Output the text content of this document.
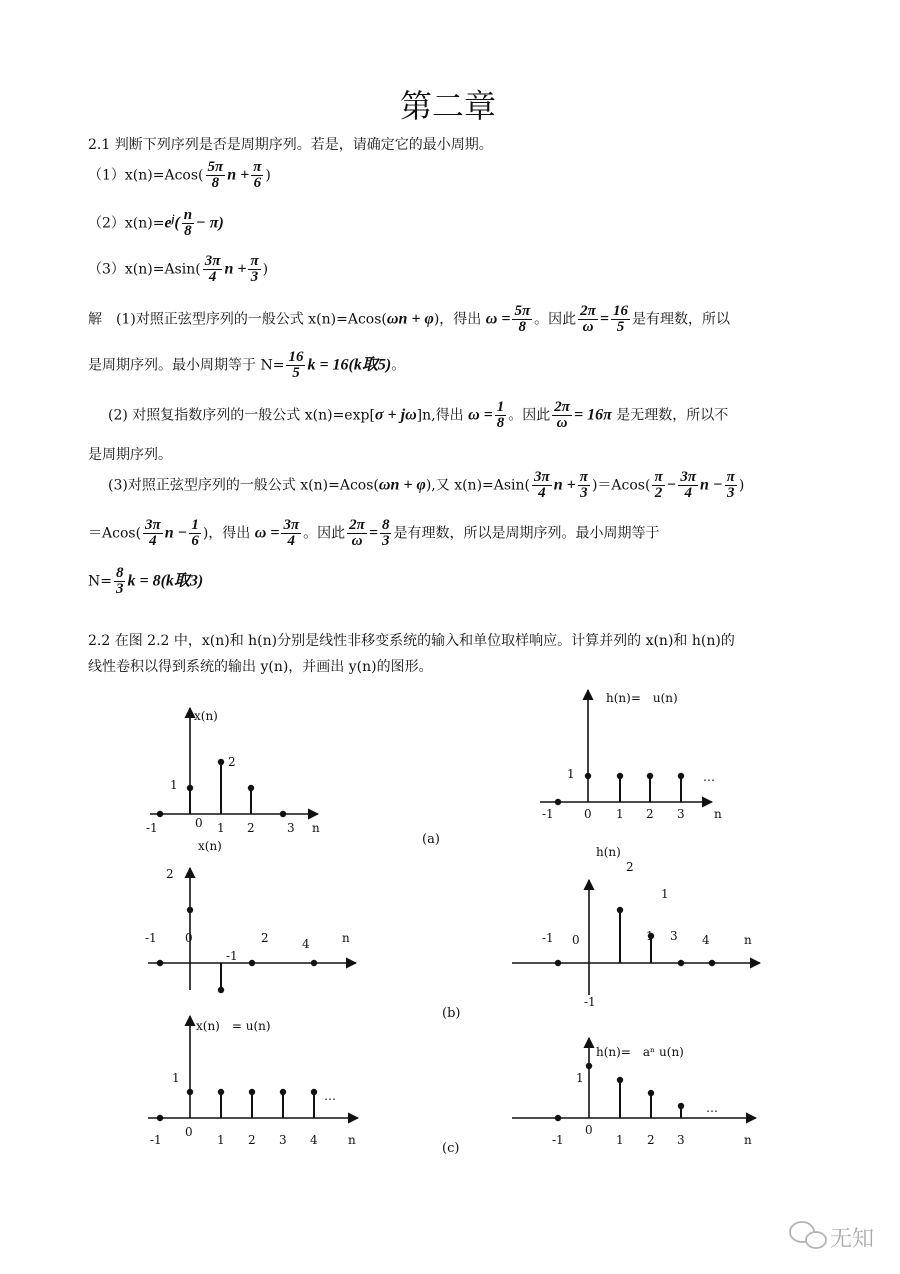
第二章
2.1 判断下列序列是否是周期序列。若是，请确定它的最小周期。
$(1)x(n)=Acos( \frac{5\pi}{8}$ $n + \frac{\pi}{6}$ )
$(2)x(n)=e^j( \frac{n}{8} - \pi)$
$(3)x(n)=Asin( \frac{3\pi}{4}$ $n + \frac{\pi}{3}$ )
解　(1)对照正弦型序列的一般公式 x(n)=Acos(ωn + φ)，得出 $\omega = \frac{5\pi}{8}$ 。因此 $\frac{2\pi}{\omega} = \frac{16}{5}$ 是有理数，所以
是周期序列。最小周期等于 $N= \frac{16}{5}$ k = 16(k取5)。
(2) 对照复指数序列的一般公式 x(n)=exp[σ + jω]n,得出 $\omega = \frac{1}{8}$ 。因此 $\frac{2\pi}{\omega} = 16\pi$ 是无理数，所以不
是周期序列。
(3)对照正弦型序列的一般公式 x(n)=Acos(ωn + φ),又 $x(n)=Asin( \frac{3\pi}{4}$ $n + \frac{\pi}{3} )=Acos( \frac{\pi}{2} - \frac{3\pi}{4}$ $n - \frac{\pi}{3}$ )
$=Acos( \frac{3\pi}{4}$ $n - \frac{1}{6}$ )，得出 $\omega = \frac{3\pi}{4}$ 。因此 $\frac{2\pi}{\omega} = \frac{8}{3}$ 是有理数，所以是周期序列。最小周期等于
$N= \frac{8}{3}$ k = 8(k取3)
2.2 在图 2.2 中，x(n)和 h(n)分别是线性非移变系统的输入和单位取样响应。计算并列的 x(n)和 h(n)的
线性卷积以得到系统的输出 y(n)，并画出 y(n)的图形。
x(n)
1
2
-1	0 1 2	3 n
h(n)=　u(n)
1	…
-1	0 1 2 3 n
(a)
x(n)
2
-1
-1 0	2	4	n
h(n)
2
1
-1
-1 0	1 3 4	n
(b)
x(n)　= u(n)
1
…
-1
0
1 2 3 4	n
h(n)=　aⁿ u(n)
1
…
-1
0
1 2 3	n
(c)
无知
